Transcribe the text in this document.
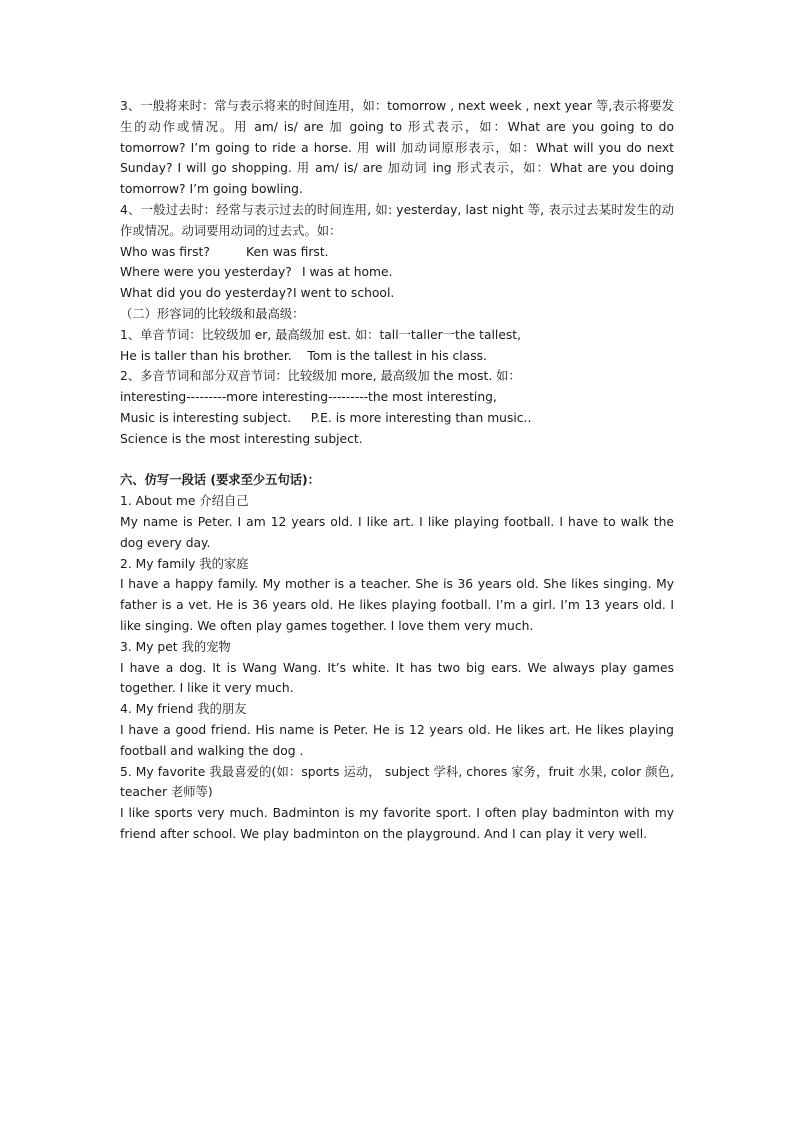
3、一般将来时：常与表示将来的时间连用，如：tomorrow , next week , next year 等,表示将要发生的动作或情况。用 am/ is/ are 加 going to 形式表示，如：What are you going to do tomorrow? I’m going to ride a horse. 用 will 加动词原形表示，如：What will you do next Sunday? I will go shopping. 用 am/ is/ are 加动词 ing 形式表示，如：What are you doing tomorrow? I’m going bowling.

4、一般过去时：经常与表示过去的时间连用, 如: yesterday, last night 等, 表示过去某时发生的动作或情况。动词要用动词的过去式。如：

Who was first?	Ken was first.

Where were you yesterday? I was at home.

What did you do yesterday?I went to school.

（二）形容词的比较级和最高级：

1、单音节词：比较级加 er, 最高级加 est. 如：tall一taller一the tallest,

He is taller than his brother.    Tom is the tallest in his class.

2、多音节词和部分双音节词：比较级加 more, 最高级加 the most. 如：

interesting---------more interesting---------the most interesting,

Music is interesting subject.     P.E. is more interesting than music..

Science is the most interesting subject.

六、仿写一段话 (要求至少五句话)：

1. About me 介绍自己

My name is Peter. I am 12 years old. I like art. I like playing football. I have to walk the dog every day.

2. My family 我的家庭

I have a happy family. My mother is a teacher. She is 36 years old. She likes singing. My father is a vet. He is 36 years old. He likes playing football. I’m a girl. I’m 13 years old. I like singing. We often play games together. I love them very much.

3. My pet 我的宠物

I have a dog. It is Wang Wang. It’s white. It has two big ears. We always play games together. I like it very much.

4. My friend 我的朋友

I have a good friend. His name is Peter. He is 12 years old. He likes art. He likes playing football and walking the dog .

5. My favorite 我最喜爱的(如：sports 运动， subject 学科, chores 家务，fruit 水果, color 颜色, teacher 老师等)

I like sports very much. Badminton is my favorite sport. I often play badminton with my friend after school. We play badminton on the playground. And I can play it very well.
